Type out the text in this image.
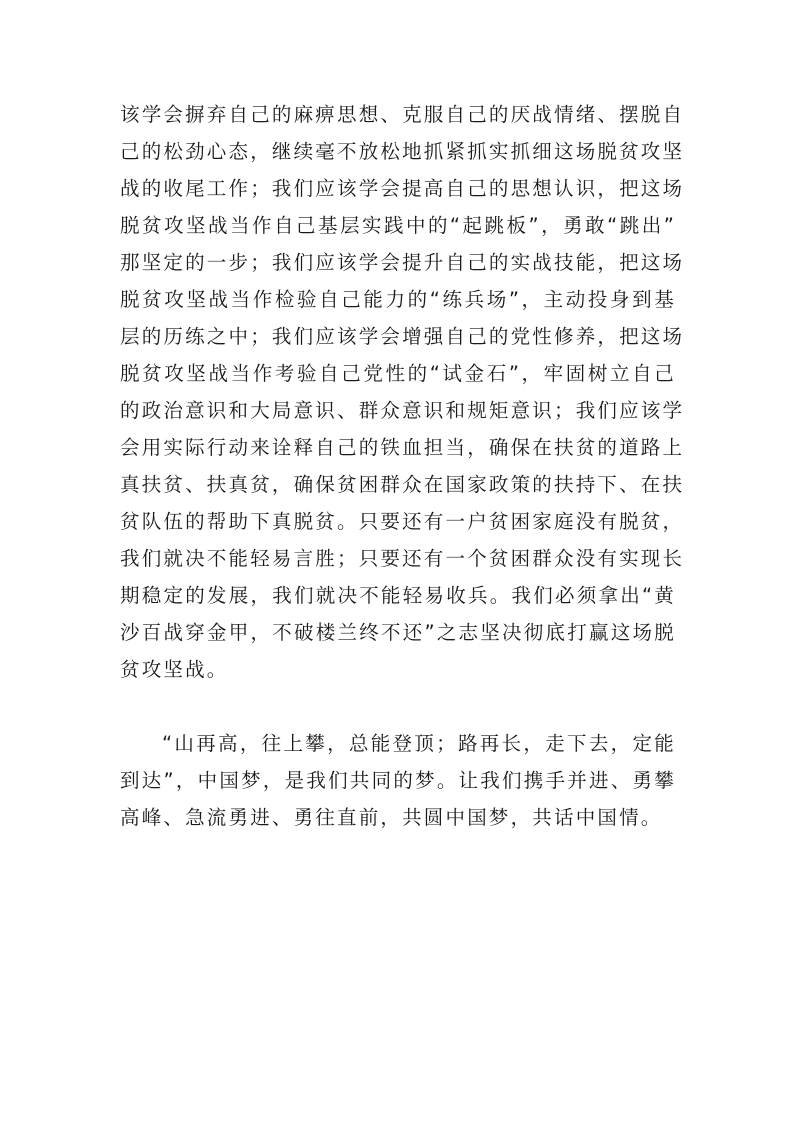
该学会摒弃自己的麻痹思想、克服自己的厌战情绪、摆脱自
己的松劲心态，继续毫不放松地抓紧抓实抓细这场脱贫攻坚
战的收尾工作；我们应该学会提高自己的思想认识，把这场
脱贫攻坚战当作自己基层实践中的“起跳板”，勇敢“跳出”
那坚定的一步；我们应该学会提升自己的实战技能，把这场
脱贫攻坚战当作检验自己能力的“练兵场”，主动投身到基
层的历练之中；我们应该学会增强自己的党性修养，把这场
脱贫攻坚战当作考验自己党性的“试金石”，牢固树立自己
的政治意识和大局意识、群众意识和规矩意识；我们应该学
会用实际行动来诠释自己的铁血担当，确保在扶贫的道路上
真扶贫、扶真贫，确保贫困群众在国家政策的扶持下、在扶
贫队伍的帮助下真脱贫。只要还有一户贫困家庭没有脱贫，
我们就决不能轻易言胜；只要还有一个贫困群众没有实现长
期稳定的发展，我们就决不能轻易收兵。我们必须拿出“黄
沙百战穿金甲，不破楼兰终不还”之志坚决彻底打赢这场脱
贫攻坚战。
“山再高，往上攀，总能登顶；路再长，走下去，定能
到达”，中国梦，是我们共同的梦。让我们携手并进、勇攀
高峰、急流勇进、勇往直前，共圆中国梦，共话中国情。
